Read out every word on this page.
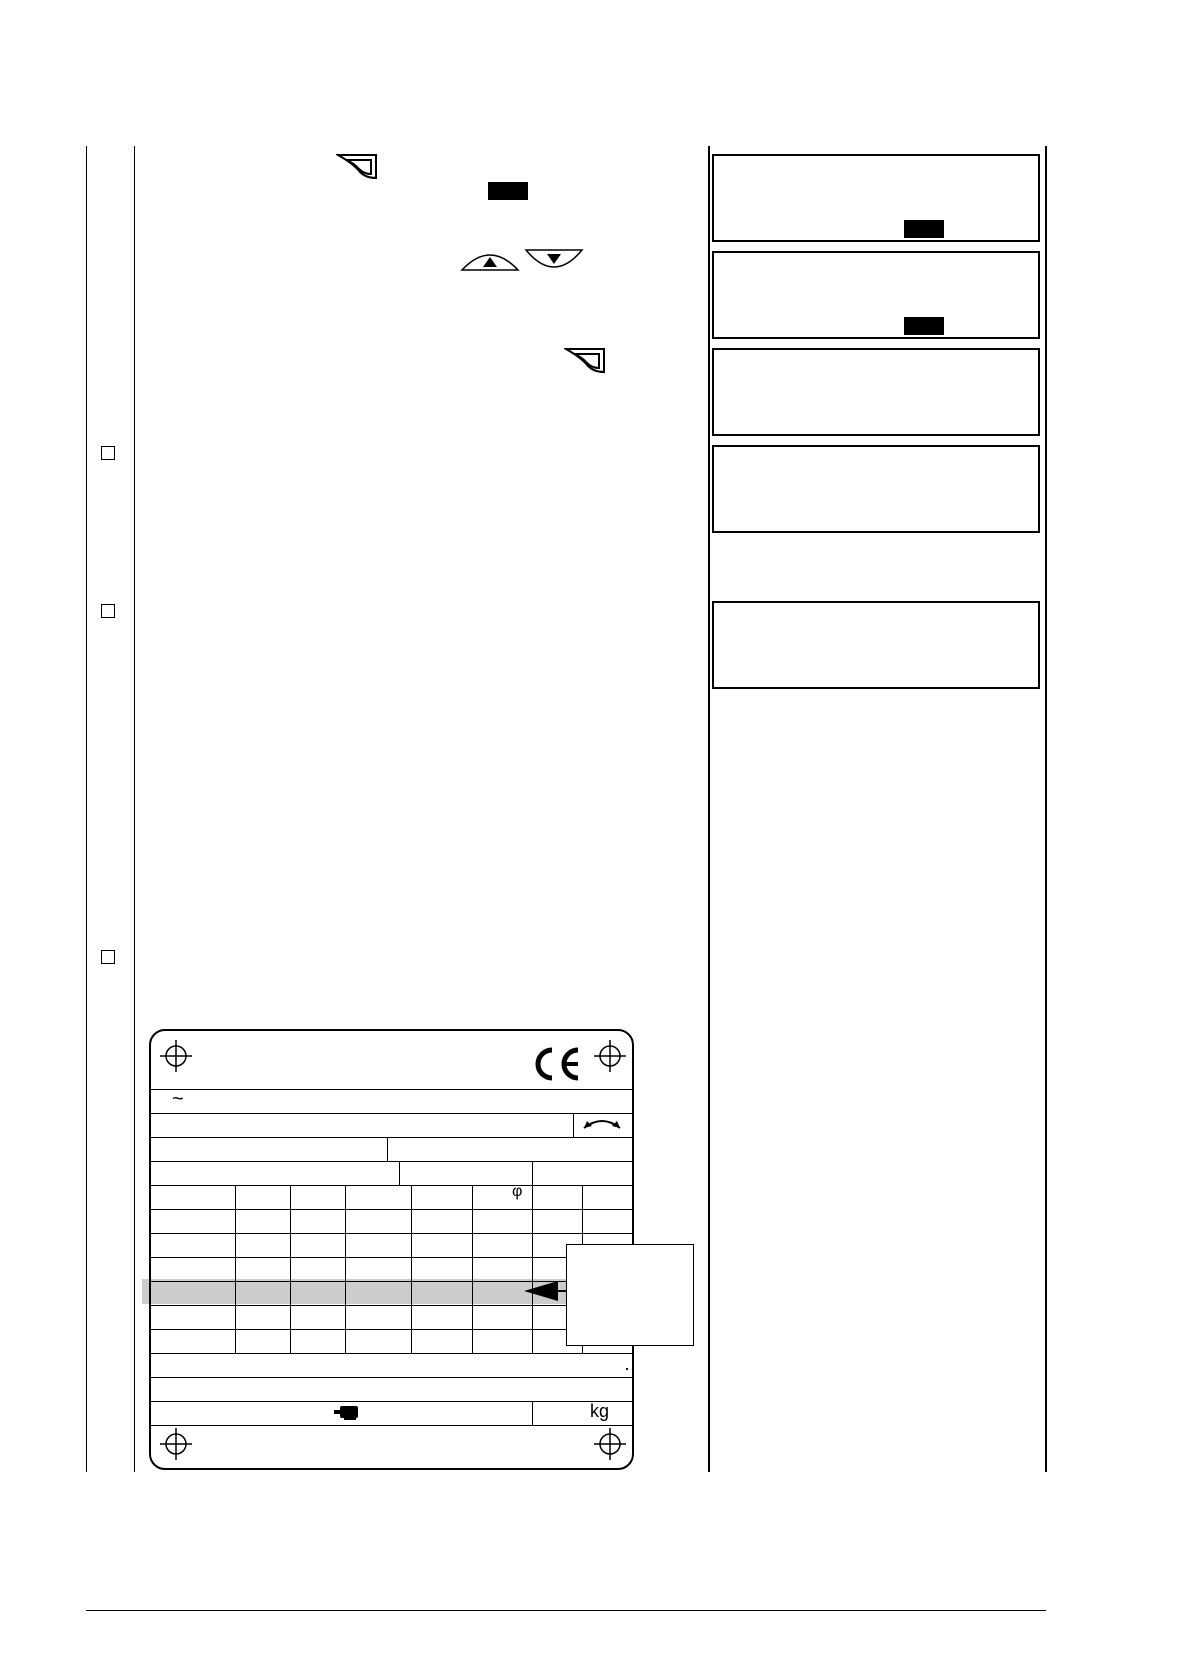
~
φ
kg
